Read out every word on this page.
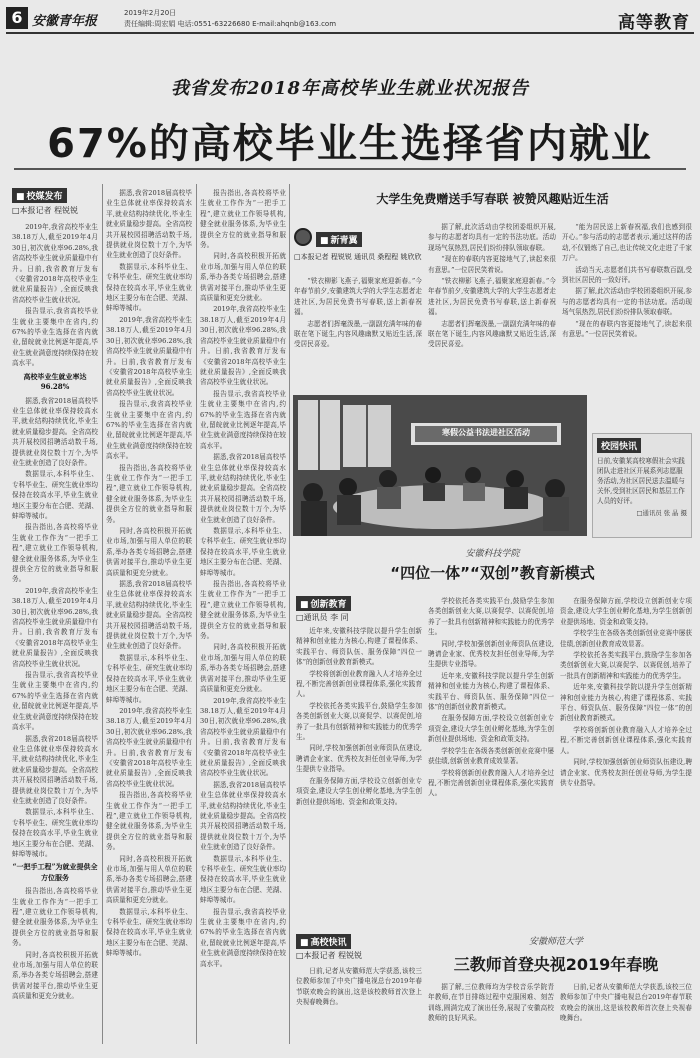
6 安徽青年报
2019年2月20日
责任编辑:周宏娟 电话:0551-63226680 E-mail:ahqnb@163.com	高等教育
我省发布2018年高校毕业生就业状况报告
67%的高校毕业生选择省内就业
■ 校媒发布
□本报记者 程锐锐

2019年,我省高校毕业生38.18万人,截至2019年4月30日,初次就业率96.28%,我省高校毕业生就业质量稳中有升。日前,我省教育厅发布《安徽省2018年高校毕业生就业质量报告》,全面反映我省高校毕业生就业状况。

报告显示,我省高校毕业生就业主要集中在省内,约67%的毕业生选择在省内就业,留皖就业比例逐年提高,毕业生就业满意度持续保持在较高水平。

高校毕业生就业率达96.28%

据悉,我省2018届高校毕业生总体就业率保持较高水平,就业结构持续优化,毕业生就业质量稳步提高。全省高校共开展校园招聘活动数千场,提供就业岗位数十万个,为毕业生就业创造了良好条件。

数据显示,本科毕业生、专科毕业生、研究生就业率均保持在较高水平,毕业生就业地区主要分布在合肥、芜湖、蚌埠等城市。

报告指出,各高校将毕业生就业工作作为“一把手工程”,建立就业工作领导机构,健全就业服务体系,为毕业生提供全方位的就业指导和服务。

2019年,我省高校毕业生38.18万人,截至2019年4月30日,初次就业率96.28%,我省高校毕业生就业质量稳中有升。日前,我省教育厅发布《安徽省2018年高校毕业生就业质量报告》,全面反映我省高校毕业生就业状况。

报告显示,我省高校毕业生就业主要集中在省内,约67%的毕业生选择在省内就业,留皖就业比例逐年提高,毕业生就业满意度持续保持在较高水平。

据悉,我省2018届高校毕业生总体就业率保持较高水平,就业结构持续优化,毕业生就业质量稳步提高。全省高校共开展校园招聘活动数千场,提供就业岗位数十万个,为毕业生就业创造了良好条件。

数据显示,本科毕业生、专科毕业生、研究生就业率均保持在较高水平,毕业生就业地区主要分布在合肥、芜湖、蚌埠等城市。

“一把手工程”为就业提供全方位服务

报告指出,各高校将毕业生就业工作作为“一把手工程”,建立就业工作领导机构,健全就业服务体系,为毕业生提供全方位的就业指导和服务。

同时,各高校积极开拓就业市场,加强与用人单位的联系,举办各类专场招聘会,搭建供需对接平台,推动毕业生更高质量和更充分就业。

据悉,我省2018届高校毕业生总体就业率保持较高水平,就业结构持续优化,毕业生就业质量稳步提高。全省高校共开展校园招聘活动数千场,提供就业岗位数十万个,为毕业生就业创造了良好条件。

数据显示,本科毕业生、专科毕业生、研究生就业率均保持在较高水平,毕业生就业地区主要分布在合肥、芜湖、蚌埠等城市。

2019年,我省高校毕业生38.18万人,截至2019年4月30日,初次就业率96.28%,我省高校毕业生就业质量稳中有升。日前,我省教育厅发布《安徽省2018年高校毕业生就业质量报告》,全面反映我省高校毕业生就业状况。

报告显示,我省高校毕业生就业主要集中在省内,约67%的毕业生选择在省内就业,留皖就业比例逐年提高,毕业生就业满意度持续保持在较高水平。

报告指出,各高校将毕业生就业工作作为“一把手工程”,建立就业工作领导机构,健全就业服务体系,为毕业生提供全方位的就业指导和服务。

同时,各高校积极开拓就业市场,加强与用人单位的联系,举办各类专场招聘会,搭建供需对接平台,推动毕业生更高质量和更充分就业。

据悉,我省2018届高校毕业生总体就业率保持较高水平,就业结构持续优化,毕业生就业质量稳步提高。全省高校共开展校园招聘活动数千场,提供就业岗位数十万个,为毕业生就业创造了良好条件。

数据显示,本科毕业生、专科毕业生、研究生就业率均保持在较高水平,毕业生就业地区主要分布在合肥、芜湖、蚌埠等城市。

2019年,我省高校毕业生38.18万人,截至2019年4月30日,初次就业率96.28%,我省高校毕业生就业质量稳中有升。日前,我省教育厅发布《安徽省2018年高校毕业生就业质量报告》,全面反映我省高校毕业生就业状况。

报告指出,各高校将毕业生就业工作作为“一把手工程”,建立就业工作领导机构,健全就业服务体系,为毕业生提供全方位的就业指导和服务。

同时,各高校积极开拓就业市场,加强与用人单位的联系,举办各类专场招聘会,搭建供需对接平台,推动毕业生更高质量和更充分就业。

数据显示,本科毕业生、专科毕业生、研究生就业率均保持在较高水平,毕业生就业地区主要分布在合肥、芜湖、蚌埠等城市。

报告指出,各高校将毕业生就业工作作为“一把手工程”,建立就业工作领导机构,健全就业服务体系,为毕业生提供全方位的就业指导和服务。

同时,各高校积极开拓就业市场,加强与用人单位的联系,举办各类专场招聘会,搭建供需对接平台,推动毕业生更高质量和更充分就业。

2019年,我省高校毕业生38.18万人,截至2019年4月30日,初次就业率96.28%,我省高校毕业生就业质量稳中有升。日前,我省教育厅发布《安徽省2018年高校毕业生就业质量报告》,全面反映我省高校毕业生就业状况。

报告显示,我省高校毕业生就业主要集中在省内,约67%的毕业生选择在省内就业,留皖就业比例逐年提高,毕业生就业满意度持续保持在较高水平。

据悉,我省2018届高校毕业生总体就业率保持较高水平,就业结构持续优化,毕业生就业质量稳步提高。全省高校共开展校园招聘活动数千场,提供就业岗位数十万个,为毕业生就业创造了良好条件。

数据显示,本科毕业生、专科毕业生、研究生就业率均保持在较高水平,毕业生就业地区主要分布在合肥、芜湖、蚌埠等城市。

报告指出,各高校将毕业生就业工作作为“一把手工程”,建立就业工作领导机构,健全就业服务体系,为毕业生提供全方位的就业指导和服务。

同时,各高校积极开拓就业市场,加强与用人单位的联系,举办各类专场招聘会,搭建供需对接平台,推动毕业生更高质量和更充分就业。

2019年,我省高校毕业生38.18万人,截至2019年4月30日,初次就业率96.28%,我省高校毕业生就业质量稳中有升。日前,我省教育厅发布《安徽省2018年高校毕业生就业质量报告》,全面反映我省高校毕业生就业状况。

据悉,我省2018届高校毕业生总体就业率保持较高水平,就业结构持续优化,毕业生就业质量稳步提高。全省高校共开展校园招聘活动数千场,提供就业岗位数十万个,为毕业生就业创造了良好条件。

数据显示,本科毕业生、专科毕业生、研究生就业率均保持在较高水平,毕业生就业地区主要分布在合肥、芜湖、蚌埠等城市。

报告显示,我省高校毕业生就业主要集中在省内,约67%的毕业生选择在省内就业,留皖就业比例逐年提高,毕业生就业满意度持续保持在较高水平。

大学生免费赠送手写春联 被赞风趣贴近生活
■ 新青翼
□本报记者 程锐锐 通讯员 桑程程 姚欣欣

“铁衣柳影飞燕子,福聚家庭迎新春。”今年春节前夕,安徽建筑大学的大学生志愿者走进社区,为居民免费书写春联,送上新春祝福。

志愿者们挥毫泼墨,一副副充满年味的春联在笔下诞生,内容风趣幽默又贴近生活,深受居民喜爱。

据了解,此次活动由学校团委组织开展,参与的志愿者均具有一定的书法功底。活动现场气氛热烈,居民们纷纷排队领取春联。

“现在的春联内容更接地气了,读起来很有意思。”一位居民笑着说。

“铁衣柳影飞燕子,福聚家庭迎新春。”今年春节前夕,安徽建筑大学的大学生志愿者走进社区,为居民免费书写春联,送上新春祝福。

志愿者们挥毫泼墨,一副副充满年味的春联在笔下诞生,内容风趣幽默又贴近生活,深受居民喜爱。

“能为居民送上新春祝福,我们也感到很开心。”参与活动的志愿者表示,通过这样的活动,不仅锻炼了自己,也让传统文化走进了千家万户。

活动当天,志愿者们共书写春联数百副,受到社区居民的一致好评。

据了解,此次活动由学校团委组织开展,参与的志愿者均具有一定的书法功底。活动现场气氛热烈,居民们纷纷排队领取春联。

“现在的春联内容更接地气了,读起来很有意思。”一位居民笑着说。

寒假公益书法进社区活动
校园快讯
日前,安徽某高校寒假社会实践团队走进社区开展系列志愿服务活动,为社区居民送去温暖与关怀,受到社区居民和基层工作人员的好评。
□通讯员 张 晶 摄
安徽科技学院
“四位一体”“双创”教育新模式
■ 创新教育
□通讯员 李 同

近年来,安徽科技学院以提升学生创新精神和创业能力为核心,构建了课程体系、实践平台、师资队伍、服务保障“四位一体”的创新创业教育新模式。

学校将创新创业教育融入人才培养全过程,不断完善创新创业课程体系,强化实践育人。

学校依托各类实践平台,鼓励学生参加各类创新创业大赛,以赛促学、以赛促创,培养了一批具有创新精神和实践能力的优秀学生。

同时,学校加强创新创业师资队伍建设,聘请企业家、优秀校友担任创业导师,为学生提供专业指导。

在服务保障方面,学校设立创新创业专项资金,建设大学生创业孵化基地,为学生创新创业提供场地、资金和政策支持。

学校依托各类实践平台,鼓励学生参加各类创新创业大赛,以赛促学、以赛促创,培养了一批具有创新精神和实践能力的优秀学生。

同时,学校加强创新创业师资队伍建设,聘请企业家、优秀校友担任创业导师,为学生提供专业指导。

近年来,安徽科技学院以提升学生创新精神和创业能力为核心,构建了课程体系、实践平台、师资队伍、服务保障“四位一体”的创新创业教育新模式。

在服务保障方面,学校设立创新创业专项资金,建设大学生创业孵化基地,为学生创新创业提供场地、资金和政策支持。

学校学生在各级各类创新创业竞赛中屡获佳绩,创新创业教育成效显著。

学校将创新创业教育融入人才培养全过程,不断完善创新创业课程体系,强化实践育人。

在服务保障方面,学校设立创新创业专项资金,建设大学生创业孵化基地,为学生创新创业提供场地、资金和政策支持。

学校学生在各级各类创新创业竞赛中屡获佳绩,创新创业教育成效显著。

学校依托各类实践平台,鼓励学生参加各类创新创业大赛,以赛促学、以赛促创,培养了一批具有创新精神和实践能力的优秀学生。

近年来,安徽科技学院以提升学生创新精神和创业能力为核心,构建了课程体系、实践平台、师资队伍、服务保障“四位一体”的创新创业教育新模式。

学校将创新创业教育融入人才培养全过程,不断完善创新创业课程体系,强化实践育人。

同时,学校加强创新创业师资队伍建设,聘请企业家、优秀校友担任创业导师,为学生提供专业指导。

■ 高校快讯
□本报记者 程锐锐
安徽师范大学
三教师首登央视2019年春晚

日前,记者从安徽师范大学获悉,该校三位教师参加了中央广播电视总台2019年春节联欢晚会的演出,这是该校教师首次登上央视春晚舞台。

据了解,三位教师均为学校音乐学院青年教师,在节目排练过程中克服困难、刻苦训练,圆满完成了演出任务,展现了安徽高校教师的良好风采。

日前,记者从安徽师范大学获悉,该校三位教师参加了中央广播电视总台2019年春节联欢晚会的演出,这是该校教师首次登上央视春晚舞台。
